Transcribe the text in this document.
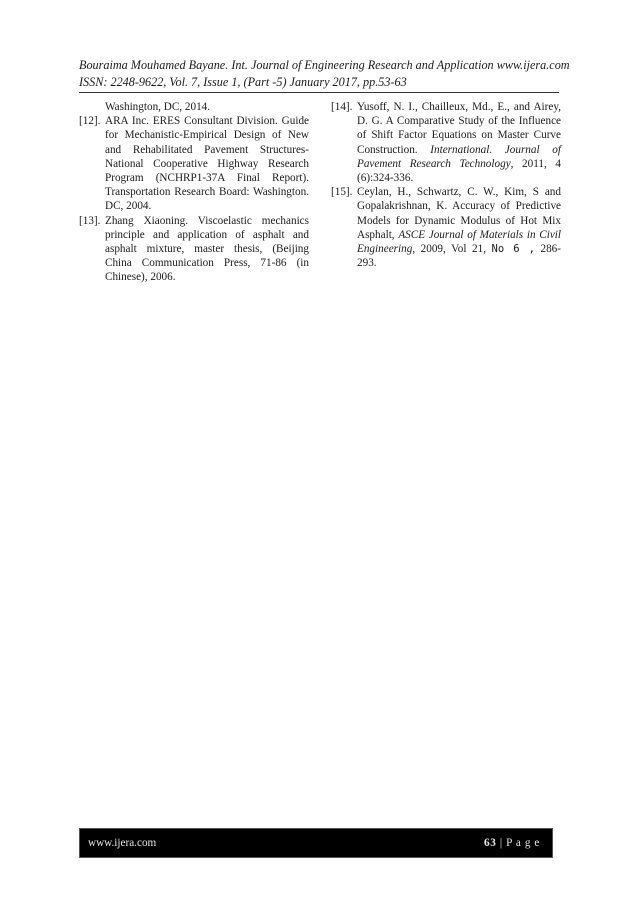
Bouraima Mouhamed Bayane. Int. Journal of Engineering Research and Application www.ijera.com
ISSN: 2248-9622, Vol. 7, Issue 1, (Part -5) January 2017, pp.53-63
Washington, DC, 2014.
[12]. ARA Inc. ERES Consultant Division. Guide for Mechanistic-Empirical Design of New and Rehabilitated Pavement Structures-National Cooperative Highway Research Program (NCHRP1-37A Final Report). Transportation Research Board: Washington. DC, 2004.
[13]. Zhang Xiaoning. Viscoelastic mechanics principle and application of asphalt and asphalt mixture, master thesis, (Beijing China Communication Press, 71-86 (in Chinese), 2006.
[14]. Yusoff, N. I., Chailleux, Md., E., and Airey, D. G. A Comparative Study of the Influence of Shift Factor Equations on Master Curve Construction. International. Journal of Pavement Research Technology, 2011, 4 (6):324-336.
[15]. Ceylan, H., Schwartz, C. W., Kim, S and Gopalakrishnan, K. Accuracy of Predictive Models for Dynamic Modulus of Hot Mix Asphalt, ASCE Journal of Materials in Civil Engineering, 2009, Vol 21, No 6 , 286-293.
www.ijera.com	63 | P a g e
